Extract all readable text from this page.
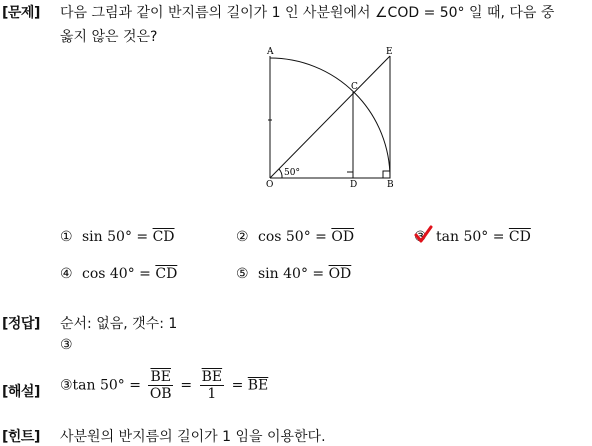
[문제] 다음 그림과 같이 반지름의 길이가 1 인 사분원에서 ∠COD = 50° 일 때, 다음 중
옳지 않은 것은?
A	E
C
O	D	B
50°
① $\sin 50^\circ = \overline{CD}$	② $\cos 50^\circ = \overline{OD}$	③ $\tan 50^\circ = \overline{CD}$
④ $\cos 40^\circ = \overline{CD}$	⑤ $\sin 40^\circ = \overline{OD}$
[정답] 순서: 없음, 갯수: 1
③
[해설] ③tan $50^\circ = \frac{\overline{BE}}{OB} = \frac{\overline{BE}}{1} = \overline{BE}$
[힌트] 사분원의 반지름의 길이가 1 임을 이용한다.
